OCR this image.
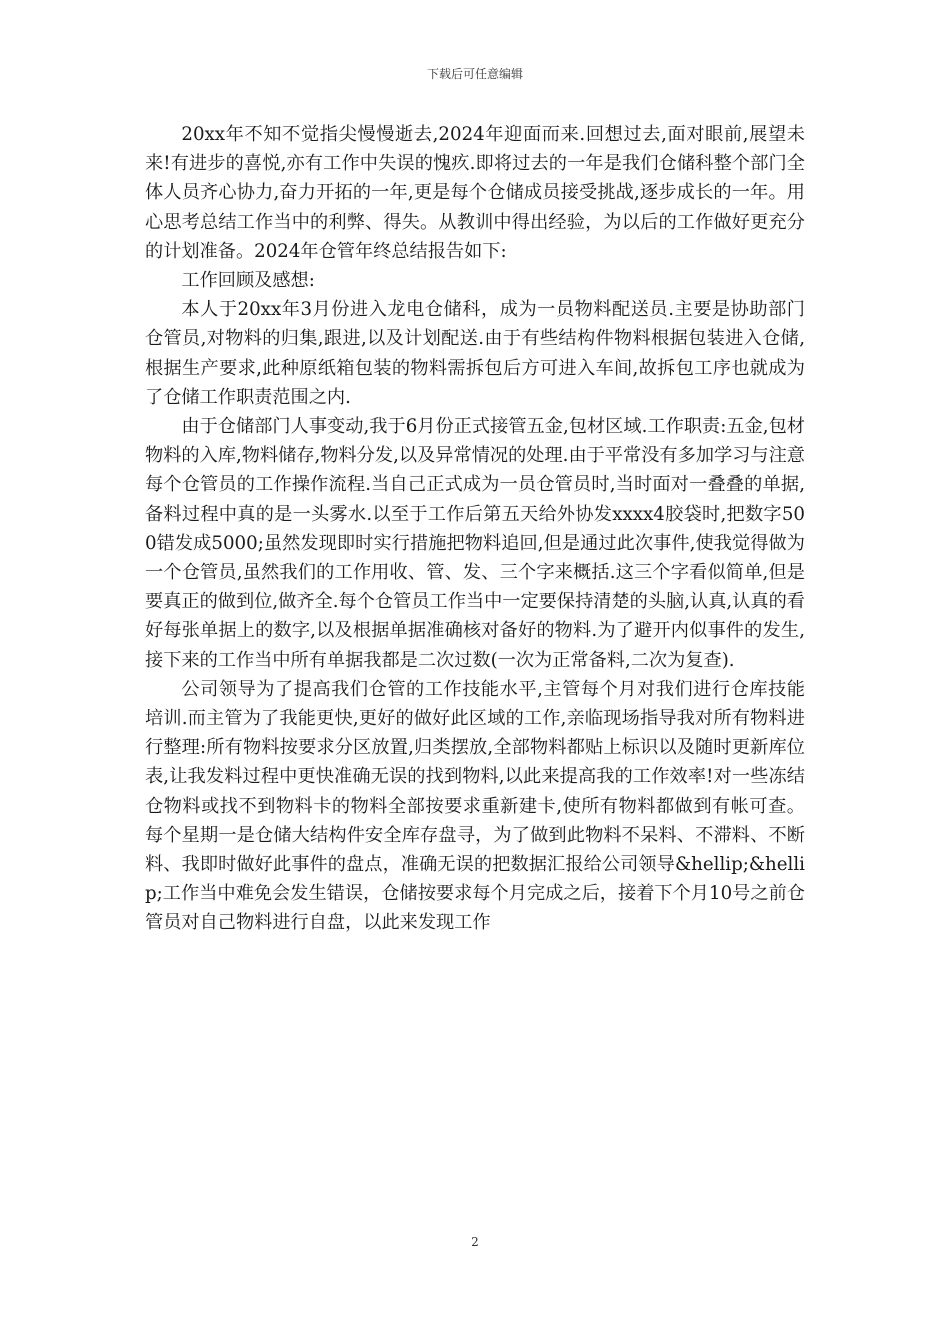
下载后可任意编辑

20xx年不知不觉指尖慢慢逝去,2024年迎面而来.回想过去,面对眼前,展望未来!有进步的喜悦,亦有工作中失误的愧疚.即将过去的一年是我们仓储科整个部门全体人员齐心协力,奋力开拓的一年,更是每个仓储成员接受挑战,逐步成长的一年。用心思考总结工作当中的利弊、得失。从教训中得出经验，为以后的工作做好更充分的计划准备。2024年仓管年终总结报告如下:

工作回顾及感想:

本人于20xx年3月份进入龙电仓储科，成为一员物料配送员.主要是协助部门仓管员,对物料的归集,跟进,以及计划配送.由于有些结构件物料根据包装进入仓储,根据生产要求,此种原纸箱包装的物料需拆包后方可进入车间,故拆包工序也就成为了仓储工作职责范围之内.

由于仓储部门人事变动,我于6月份正式接管五金,包材区域.工作职责:五金,包材物料的入库,物料储存,物料分发,以及异常情况的处理.由于平常没有多加学习与注意每个仓管员的工作操作流程.当自己正式成为一员仓管员时,当时面对一叠叠的单据,备料过程中真的是一头雾水.以至于工作后第五天给外协发xxxx4胶袋时,把数字500错发成5000;虽然发现即时实行措施把物料追回,但是通过此次事件,使我觉得做为一个仓管员,虽然我们的工作用收、管、发、三个字来概括.这三个字看似简单,但是要真正的做到位,做齐全.每个仓管员工作当中一定要保持清楚的头脑,认真,认真的看好每张单据上的数字,以及根据单据准确核对备好的物料.为了避开内似事件的发生,接下来的工作当中所有单据我都是二次过数(一次为正常备料,二次为复查).

公司领导为了提高我们仓管的工作技能水平,主管每个月对我们进行仓库技能培训.而主管为了我能更快,更好的做好此区域的工作,亲临现场指导我对所有物料进行整理:所有物料按要求分区放置,归类摆放,全部物料都贴上标识以及随时更新库位表,让我发料过程中更快准确无误的找到物料,以此来提高我的工作效率!对一些冻结仓物料或找不到物料卡的物料全部按要求重新建卡,使所有物料都做到有帐可查。每个星期一是仓储大结构件安全库存盘寻，为了做到此物料不呆料、不滞料、不断料、我即时做好此事件的盘点，准确无误的把数据汇报给公司领导&hellip;&hellip;工作当中难免会发生错误，仓储按要求每个月完成之后，接着下个月10号之前仓管员对自己物料进行自盘，以此来发现工作

2
